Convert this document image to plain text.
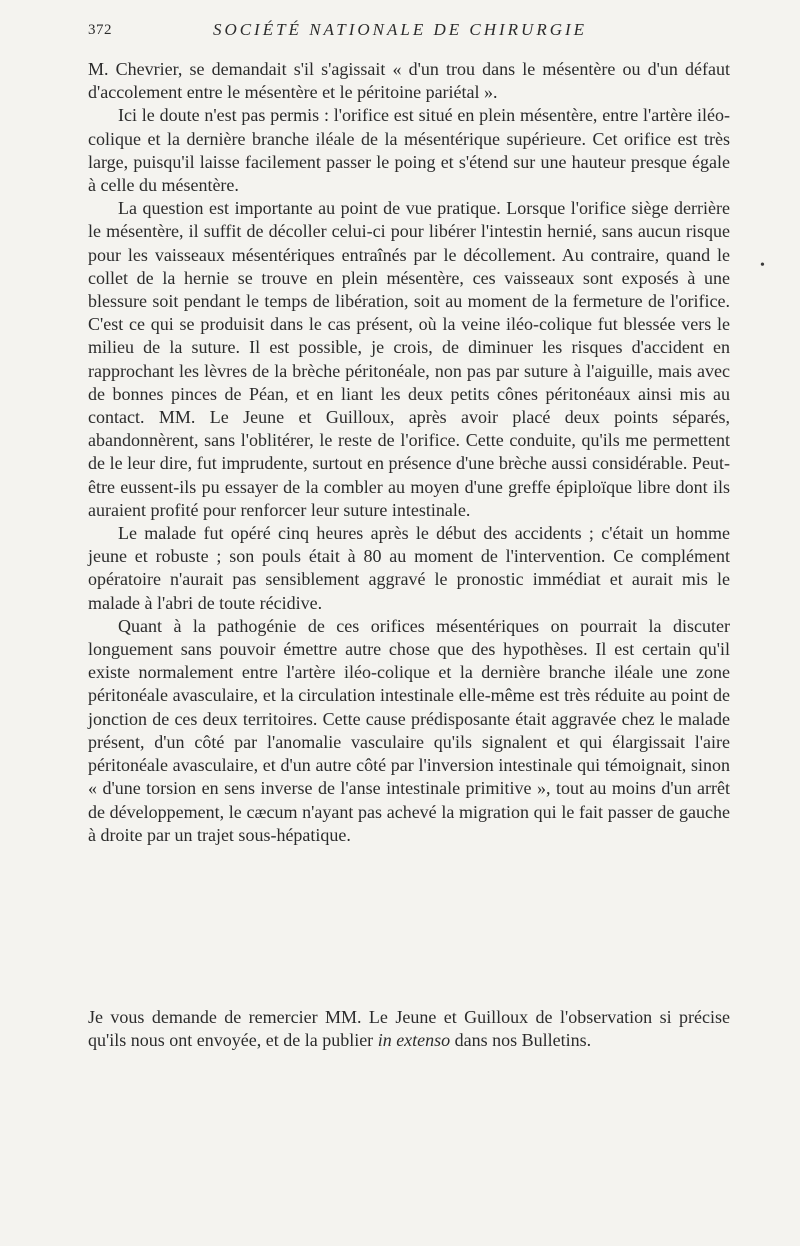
372	SOCIÉTÉ NATIONALE DE CHIRURGIE

M. Chevrier, se demandait s'il s'agissait « d'un trou dans le mésentère ou d'un défaut d'accolement entre le mésentère et le péritoine pariétal ».

Ici le doute n'est pas permis : l'orifice est situé en plein mésentère, entre l'artère iléo-colique et la dernière branche iléale de la mésentérique supérieure. Cet orifice est très large, puisqu'il laisse facilement passer le poing et s'étend sur une hauteur presque égale à celle du mésentère.

La question est importante au point de vue pratique. Lorsque l'orifice siège derrière le mésentère, il suffit de décoller celui-ci pour libérer l'intestin hernié, sans aucun risque pour les vaisseaux mésentériques entraînés par le décollement. Au contraire, quand le collet de la hernie se trouve en plein mésentère, ces vaisseaux sont exposés à une blessure soit pendant le temps de libération, soit au moment de la fermeture de l'orifice. C'est ce qui se produisit dans le cas présent, où la veine iléo-colique fut blessée vers le milieu de la suture. Il est possible, je crois, de diminuer les risques d'accident en rapprochant les lèvres de la brèche péritonéale, non pas par suture à l'aiguille, mais avec de bonnes pinces de Péan, et en liant les deux petits cônes péritonéaux ainsi mis au contact. MM. Le Jeune et Guilloux, après avoir placé deux points séparés, abandonnèrent, sans l'oblitérer, le reste de l'orifice. Cette conduite, qu'ils me permettent de le leur dire, fut imprudente, surtout en présence d'une brèche aussi considérable. Peut-être eussent-ils pu essayer de la combler au moyen d'une greffe épiploïque libre dont ils auraient profité pour renforcer leur suture intestinale.

Le malade fut opéré cinq heures après le début des accidents ; c'était un homme jeune et robuste ; son pouls était à 80 au moment de l'intervention. Ce complément opératoire n'aurait pas sensiblement aggravé le pronostic immédiat et aurait mis le malade à l'abri de toute récidive.

Quant à la pathogénie de ces orifices mésentériques on pourrait la discuter longuement sans pouvoir émettre autre chose que des hypothèses. Il est certain qu'il existe normalement entre l'artère iléo-colique et la dernière branche iléale une zone péritonéale avasculaire, et la circulation intestinale elle-même est très réduite au point de jonction de ces deux territoires. Cette cause prédisposante était aggravée chez le malade présent, d'un côté par l'anomalie vasculaire qu'ils signalent et qui élargissait l'aire péritonéale avasculaire, et d'un autre côté par l'inversion intestinale qui témoignait, sinon « d'une torsion en sens inverse de l'anse intestinale primitive », tout au moins d'un arrêt de développement, le cæcum n'ayant pas achevé la migration qui le fait passer de gauche à droite par un trajet sous-hépatique.

Je vous demande de remercier MM. Le Jeune et Guilloux de l'observation si précise qu'ils nous ont envoyée, et de la publier in extenso dans nos Bulletins.

•
